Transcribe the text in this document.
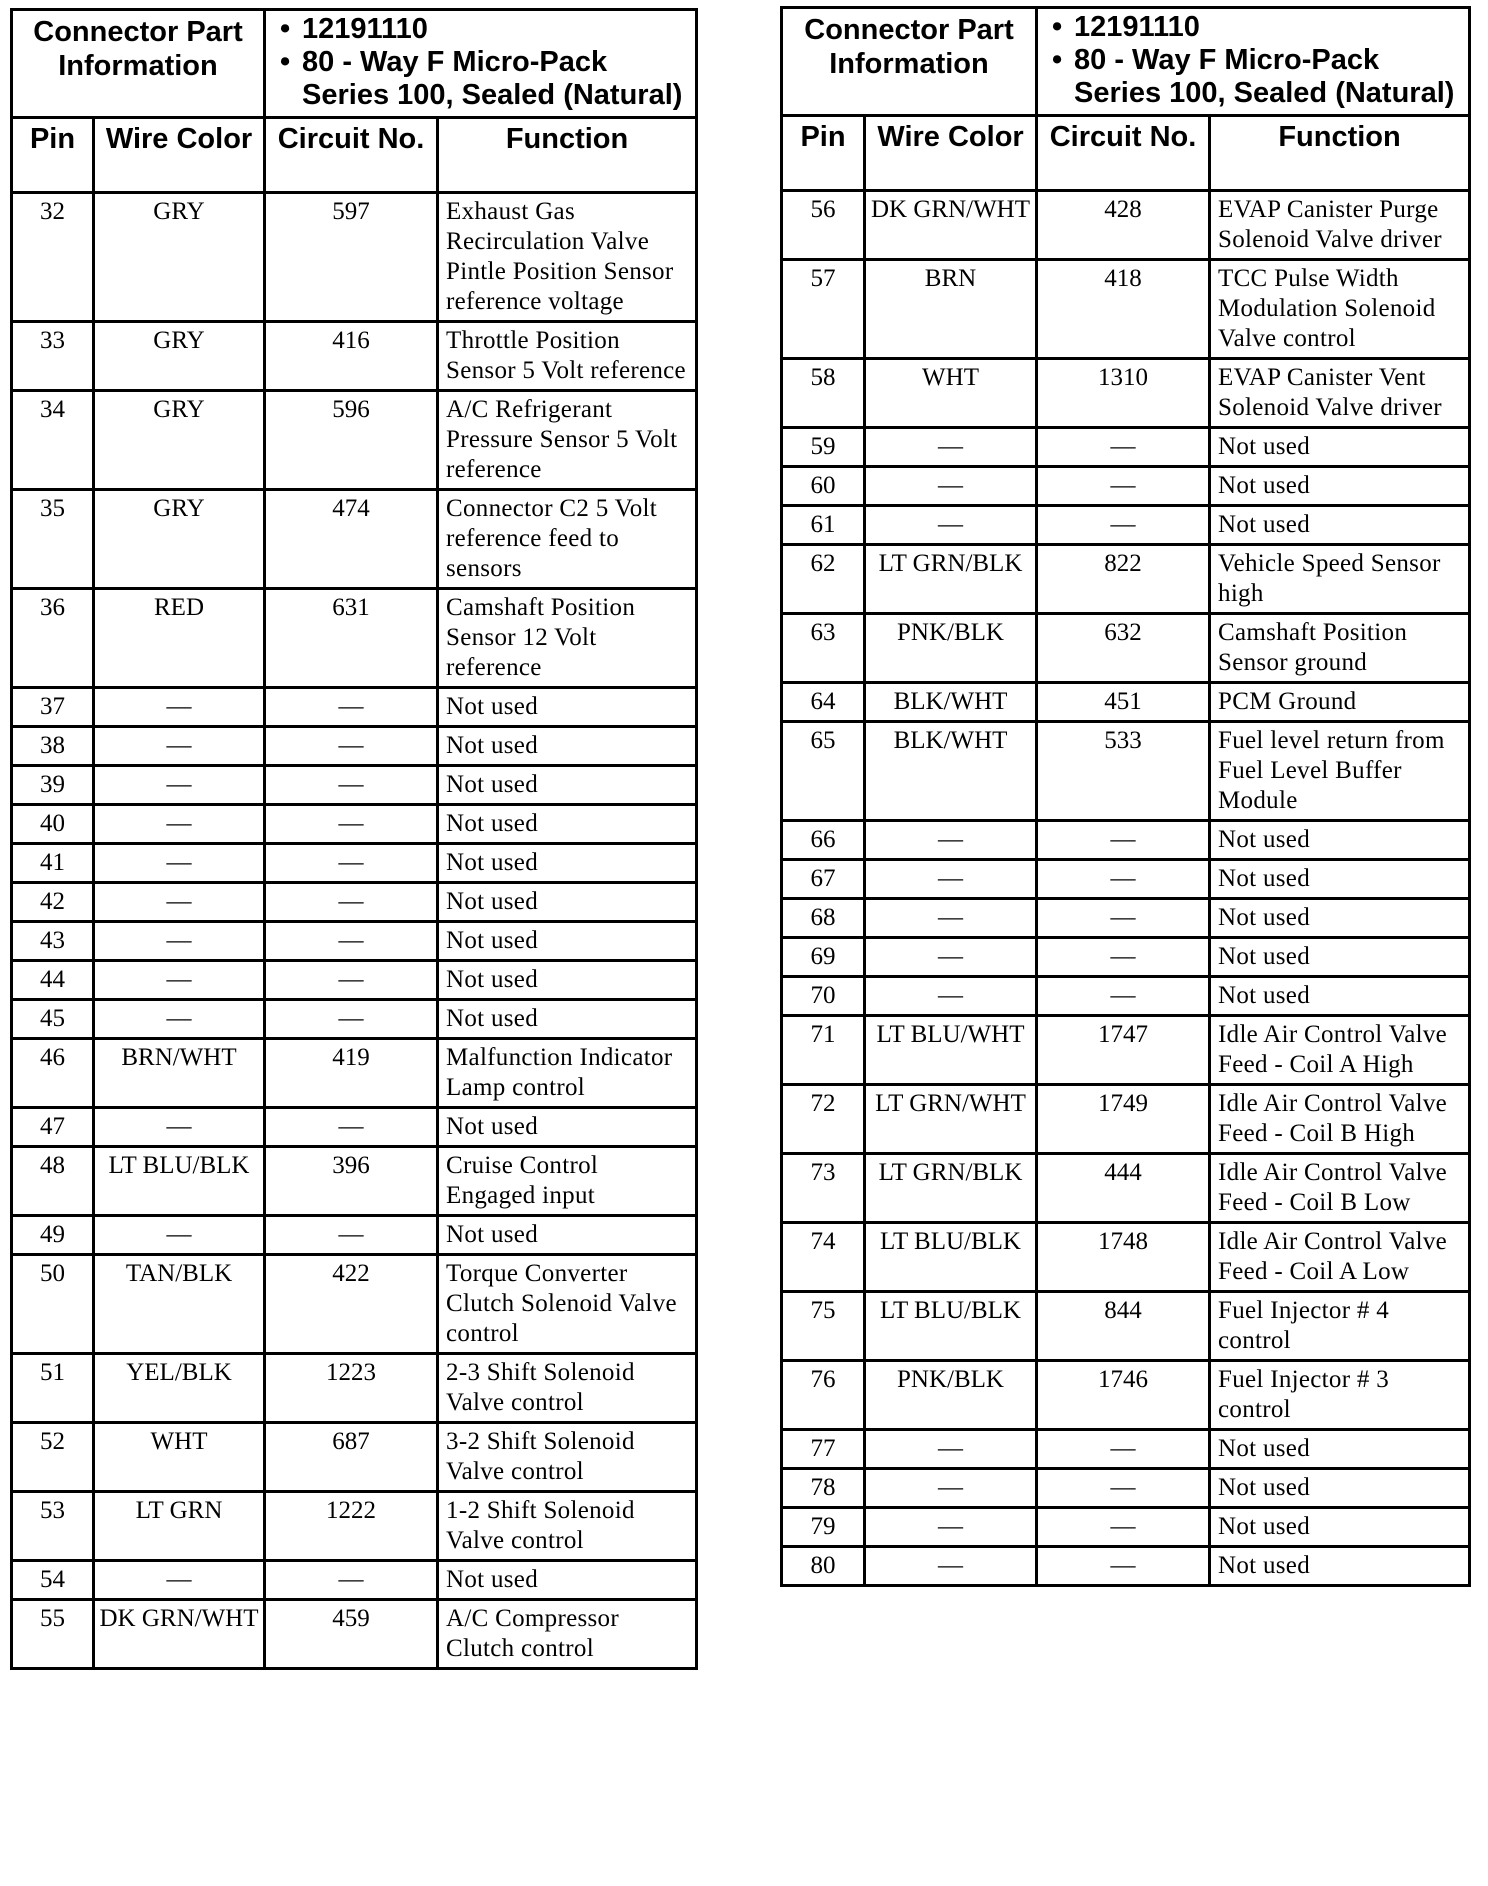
Connector Part Information		• 12191110
• 80 - Way F Micro-Pack Series 100, Sealed (Natural)	

Pin	Wire Color	Circuit No.	Function
32	GRY	597	Exhaust Gas Recirculation Valve Pintle Position Sensor reference voltage
33	GRY	416	Throttle Position Sensor 5 Volt reference
34	GRY	596	A/C Refrigerant Pressure Sensor 5 Volt reference
35	GRY	474	Connector C2 5 Volt reference feed to sensors
36	RED	631	Camshaft Position Sensor 12 Volt reference
37	—	—	Not used
38	—	—	Not used
39	—	—	Not used
40	—	—	Not used
41	—	—	Not used
42	—	—	Not used
43	—	—	Not used
44	—	—	Not used
45	—	—	Not used
46	BRN/WHT	419	Malfunction Indicator Lamp control
47	—	—	Not used
48	LT BLU/BLK	396	Cruise Control Engaged input
49	—	—	Not used
50	TAN/BLK	422	Torque Converter Clutch Solenoid Valve control
51	YEL/BLK	1223	2-3 Shift Solenoid Valve control
52	WHT	687	3-2 Shift Solenoid Valve control
53	LT GRN	1222	1-2 Shift Solenoid Valve control
54	—	—	Not used
55	DK GRN/WHT	459	A/C Compressor Clutch control
Connector Part Information		• 12191110
• 80 - Way F Micro-Pack Series 100, Sealed (Natural)	

Pin	Wire Color	Circuit No.	Function
56	DK GRN/WHT	428	EVAP Canister Purge Solenoid Valve driver
57	BRN	418	TCC Pulse Width Modulation Solenoid Valve control
58	WHT	1310	EVAP Canister Vent Solenoid Valve driver
59	—	—	Not used
60	—	—	Not used
61	—	—	Not used
62	LT GRN/BLK	822	Vehicle Speed Sensor high
63	PNK/BLK	632	Camshaft Position Sensor ground
64	BLK/WHT	451	PCM Ground
65	BLK/WHT	533	Fuel level return from Fuel Level Buffer Module
66	—	—	Not used
67	—	—	Not used
68	—	—	Not used
69	—	—	Not used
70	—	—	Not used
71	LT BLU/WHT	1747	Idle Air Control Valve Feed - Coil A High
72	LT GRN/WHT	1749	Idle Air Control Valve Feed - Coil B High
73	LT GRN/BLK	444	Idle Air Control Valve Feed - Coil B Low
74	LT BLU/BLK	1748	Idle Air Control Valve Feed - Coil A Low
75	LT BLU/BLK	844	Fuel Injector # 4 control
76	PNK/BLK	1746	Fuel Injector # 3 control
77	—	—	Not used
78	—	—	Not used
79	—	—	Not used
80	—	—	Not used
